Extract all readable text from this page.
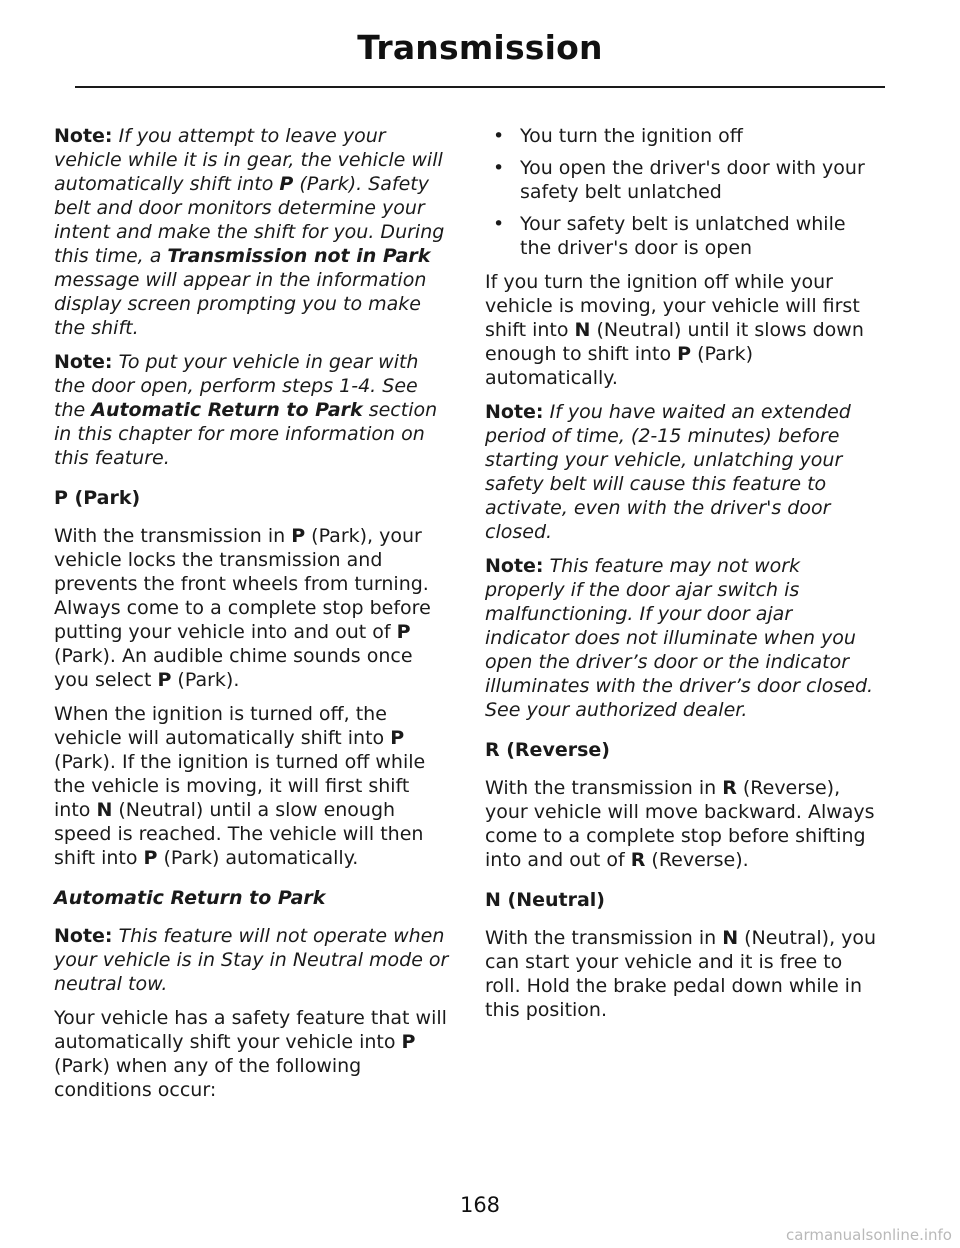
Transmission

Note: If you attempt to leave your vehicle while it is in gear, the vehicle will automatically shift into P (Park). Safety belt and door monitors determine your intent and make the shift for you. During this time, a Transmission not in Park message will appear in the information display screen prompting you to make the shift.

Note: To put your vehicle in gear with the door open, perform steps 1-4. See the Automatic Return to Park section in this chapter for more information on this feature.

P (Park)

With the transmission in P (Park), your vehicle locks the transmission and prevents the front wheels from turning. Always come to a complete stop before putting your vehicle into and out of P (Park). An audible chime sounds once you select P (Park).

When the ignition is turned off, the vehicle will automatically shift into P (Park). If the ignition is turned off while the vehicle is moving, it will first shift into N (Neutral) until a slow enough speed is reached. The vehicle will then shift into P (Park) automatically.

Automatic Return to Park

Note: This feature will not operate when your vehicle is in Stay in Neutral mode or neutral tow.

Your vehicle has a safety feature that will automatically shift your vehicle into P (Park) when any of the following conditions occur:

• You turn the ignition off
• You open the driver's door with your safety belt unlatched
• Your safety belt is unlatched while the driver's door is open

If you turn the ignition off while your vehicle is moving, your vehicle will first shift into N (Neutral) until it slows down enough to shift into P (Park) automatically.

Note: If you have waited an extended period of time, (2-15 minutes) before starting your vehicle, unlatching your safety belt will cause this feature to activate, even with the driver's door closed.

Note: This feature may not work properly if the door ajar switch is malfunctioning. If your door ajar indicator does not illuminate when you open the driver’s door or the indicator illuminates with the driver’s door closed. See your authorized dealer.

R (Reverse)

With the transmission in R (Reverse), your vehicle will move backward. Always come to a complete stop before shifting into and out of R (Reverse).

N (Neutral)

With the transmission in N (Neutral), you can start your vehicle and it is free to roll. Hold the brake pedal down while in this position.

168
carmanualsonline.info
